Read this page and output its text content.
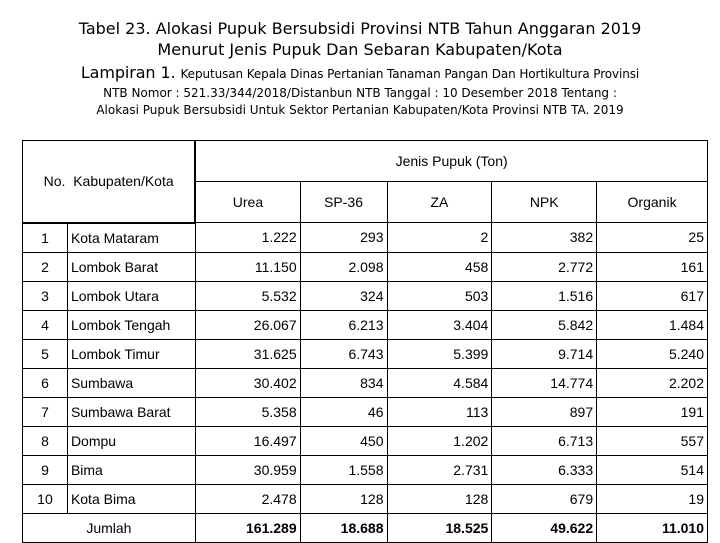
Tabel 23. Alokasi Pupuk Bersubsidi Provinsi NTB Tahun Anggaran 2019
Menurut Jenis Pupuk Dan Sebaran Kabupaten/Kota
Lampiran 1. Keputusan Kepala Dinas Pertanian Tanaman Pangan Dan Hortikultura Provinsi
NTB Nomor : 521.33/344/2018/Distanbun NTB Tanggal : 10 Desember 2018 Tentang :
Alokasi Pupuk Bersubsidi Untuk Sektor Pertanian Kabupaten/Kota Provinsi NTB TA. 2019
No. Kabupaten/Kota		Jenis Pupuk (Ton)				
		Urea	SP-36	ZA	NPK	Organik
1	Kota Mataram	1.222	293	2	382	25
2	Lombok Barat	11.150	2.098	458	2.772	161
3	Lombok Utara	5.532	324	503	1.516	617
4	Lombok Tengah	26.067	6.213	3.404	5.842	1.484
5	Lombok Timur	31.625	6.743	5.399	9.714	5.240
6	Sumbawa	30.402	834	4.584	14.774	2.202
7	Sumbawa Barat	5.358	46	113	897	191
8	Dompu	16.497	450	1.202	6.713	557
9	Bima	30.959	1.558	2.731	6.333	514
10	Kota Bima	2.478	128	128	679	19
Jumlah		161.289	18.688	18.525	49.622	11.010
